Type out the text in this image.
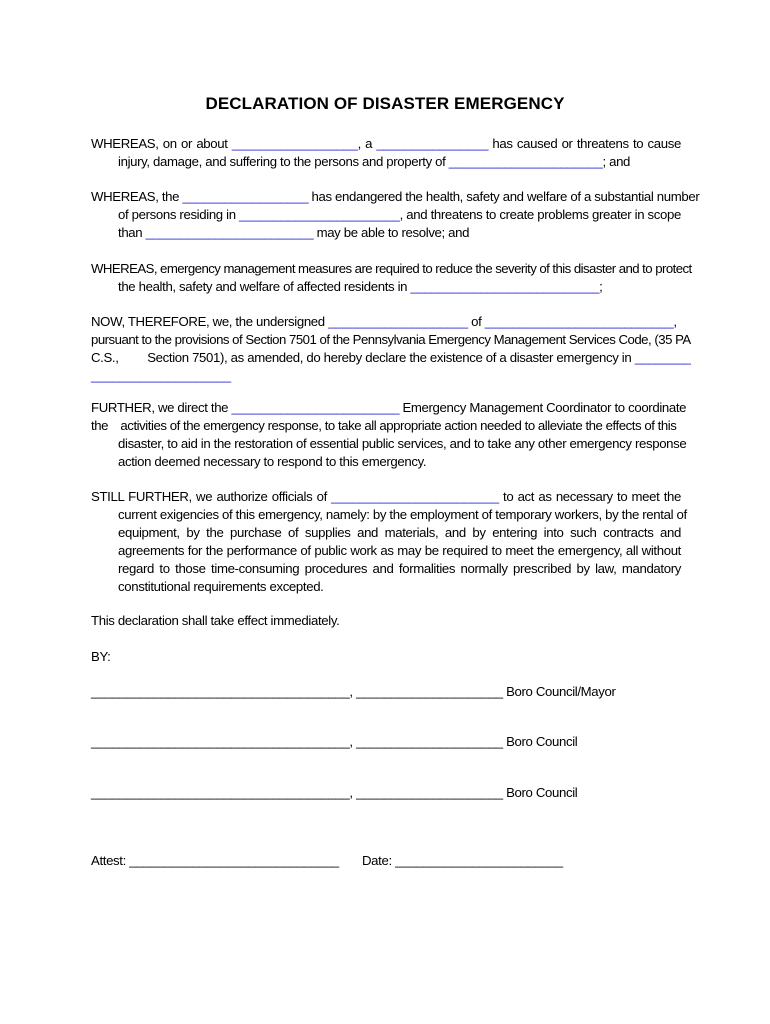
DECLARATION OF DISASTER EMERGENCY
WHEREAS, on or about __________________, a ________________ has caused or threatens to cause
injury, damage, and suffering to the persons and property of ______________________; and
WHEREAS, the __________________ has endangered the health, safety and welfare of a substantial number
of persons residing in _______________________, and threatens to create problems greater in scope
than ________________________ may be able to resolve; and
WHEREAS, emergency management measures are required to reduce the severity of this disaster and to protect
the health, safety and welfare of affected residents in ___________________________;
NOW, THEREFORE, we, the undersigned ____________________ of ___________________________,
pursuant to the provisions of Section 7501 of the Pennsylvania Emergency Management Services Code, (35 PA
C.S., Section 7501), as amended, do hereby declare the existence of a disaster emergency in ________
____________________
FURTHER, we direct the ________________________ Emergency Management Coordinator to coordinate
the activities of the emergency response, to take all appropriate action needed to alleviate the effects of this
disaster, to aid in the restoration of essential public services, and to take any other emergency response
action deemed necessary to respond to this emergency.
STILL FURTHER, we authorize officials of ________________________ to act as necessary to meet the
current exigencies of this emergency, namely: by the employment of temporary workers, by the rental of
equipment, by the purchase of supplies and materials, and by entering into such contracts and
agreements for the performance of public work as may be required to meet the emergency, all without
regard to those time-consuming procedures and formalities normally prescribed by law, mandatory
constitutional requirements excepted.
This declaration shall take effect immediately.
BY:
_____________________________________, _____________________ Boro Council/Mayor
_____________________________________, _____________________ Boro Council
_____________________________________, _____________________ Boro Council
Attest: ______________________________ Date: ________________________
